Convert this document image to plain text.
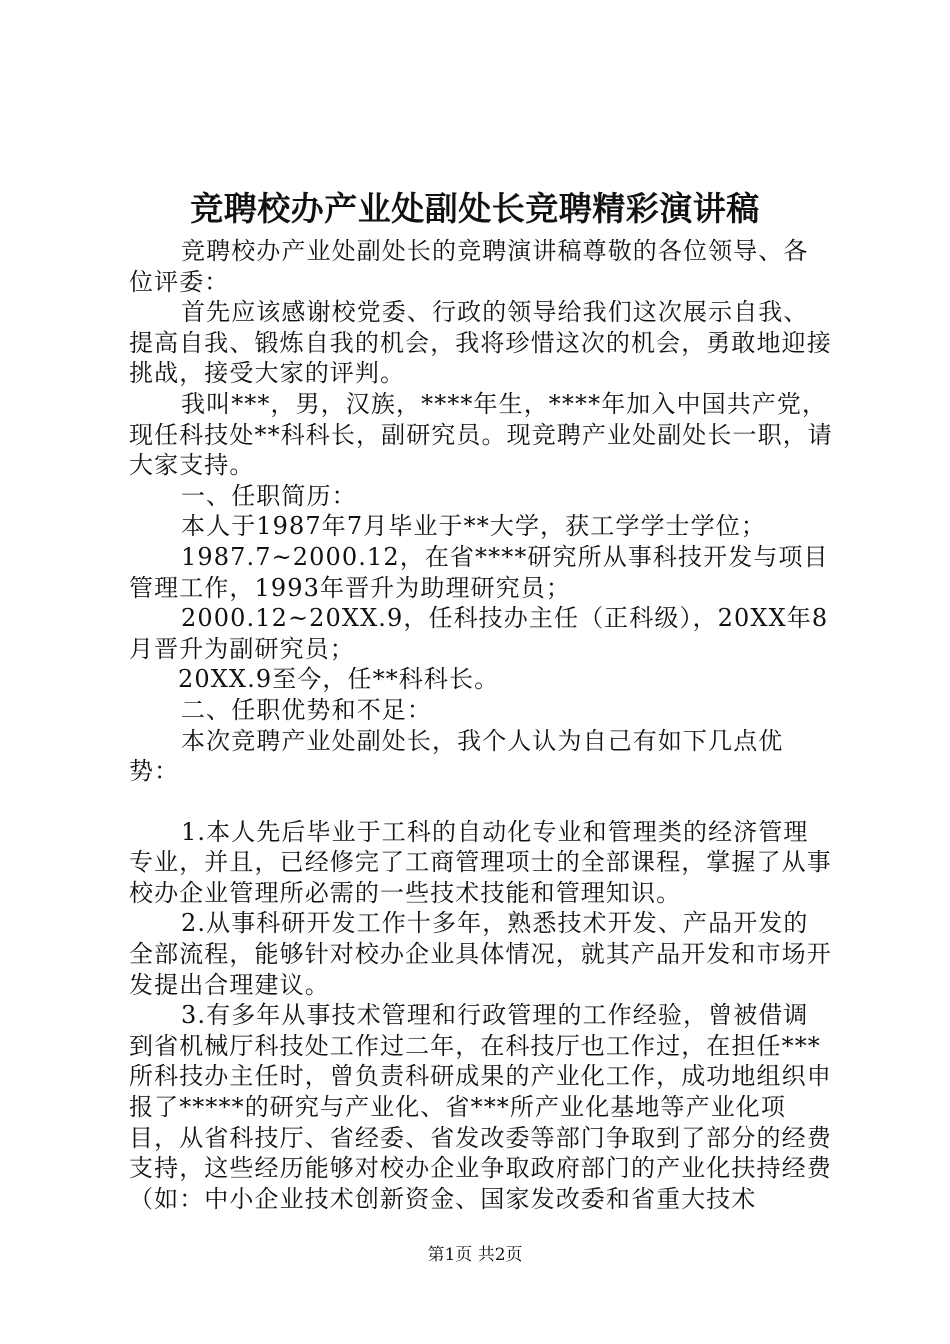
竞聘校办产业处副处长竞聘精彩演讲稿

竞聘校办产业处副处长的竞聘演讲稿尊敬的各位领导、各位评委：

首先应该感谢校党委、行政的领导给我们这次展示自我、提高自我、锻炼自我的机会，我将珍惜这次的机会，勇敢地迎接挑战，接受大家的评判。

我叫***，男，汉族，****年生，****年加入中国共产党，现任科技处**科科长，副研究员。现竞聘产业处副处长一职，请大家支持。

一、任职简历：

本人于1987年7月毕业于**大学，获工学学士学位；

1987.7~2000.12，在省****研究所从事科技开发与项目管理工作，1993年晋升为助理研究员；

2000.12~20XX.9，任科技办主任（正科级），20XX年8月晋升为副研究员；

20XX.9至今，任**科科长。

二、任职优势和不足：

本次竞聘产业处副处长，我个人认为自己有如下几点优势：

1.本人先后毕业于工科的自动化专业和管理类的经济管理专业，并且，已经修完了工商管理项士的全部课程，掌握了从事校办企业管理所必需的一些技术技能和管理知识。

2.从事科研开发工作十多年，熟悉技术开发、产品开发的全部流程，能够针对校办企业具体情况，就其产品开发和市场开发提出合理建议。

3.有多年从事技术管理和行政管理的工作经验，曾被借调到省机械厅科技处工作过二年，在科技厅也工作过，在担任***所科技办主任时，曾负责科研成果的产业化工作，成功地组织申报了*****的研究与产业化、省***所产业化基地等产业化项目，从省科技厅、省经委、省发改委等部门争取到了部分的经费支持，这些经历能够对校办企业争取政府部门的产业化扶持经费（如：中小企业技术创新资金、国家发改委和省重大技术

第1页 共2页
